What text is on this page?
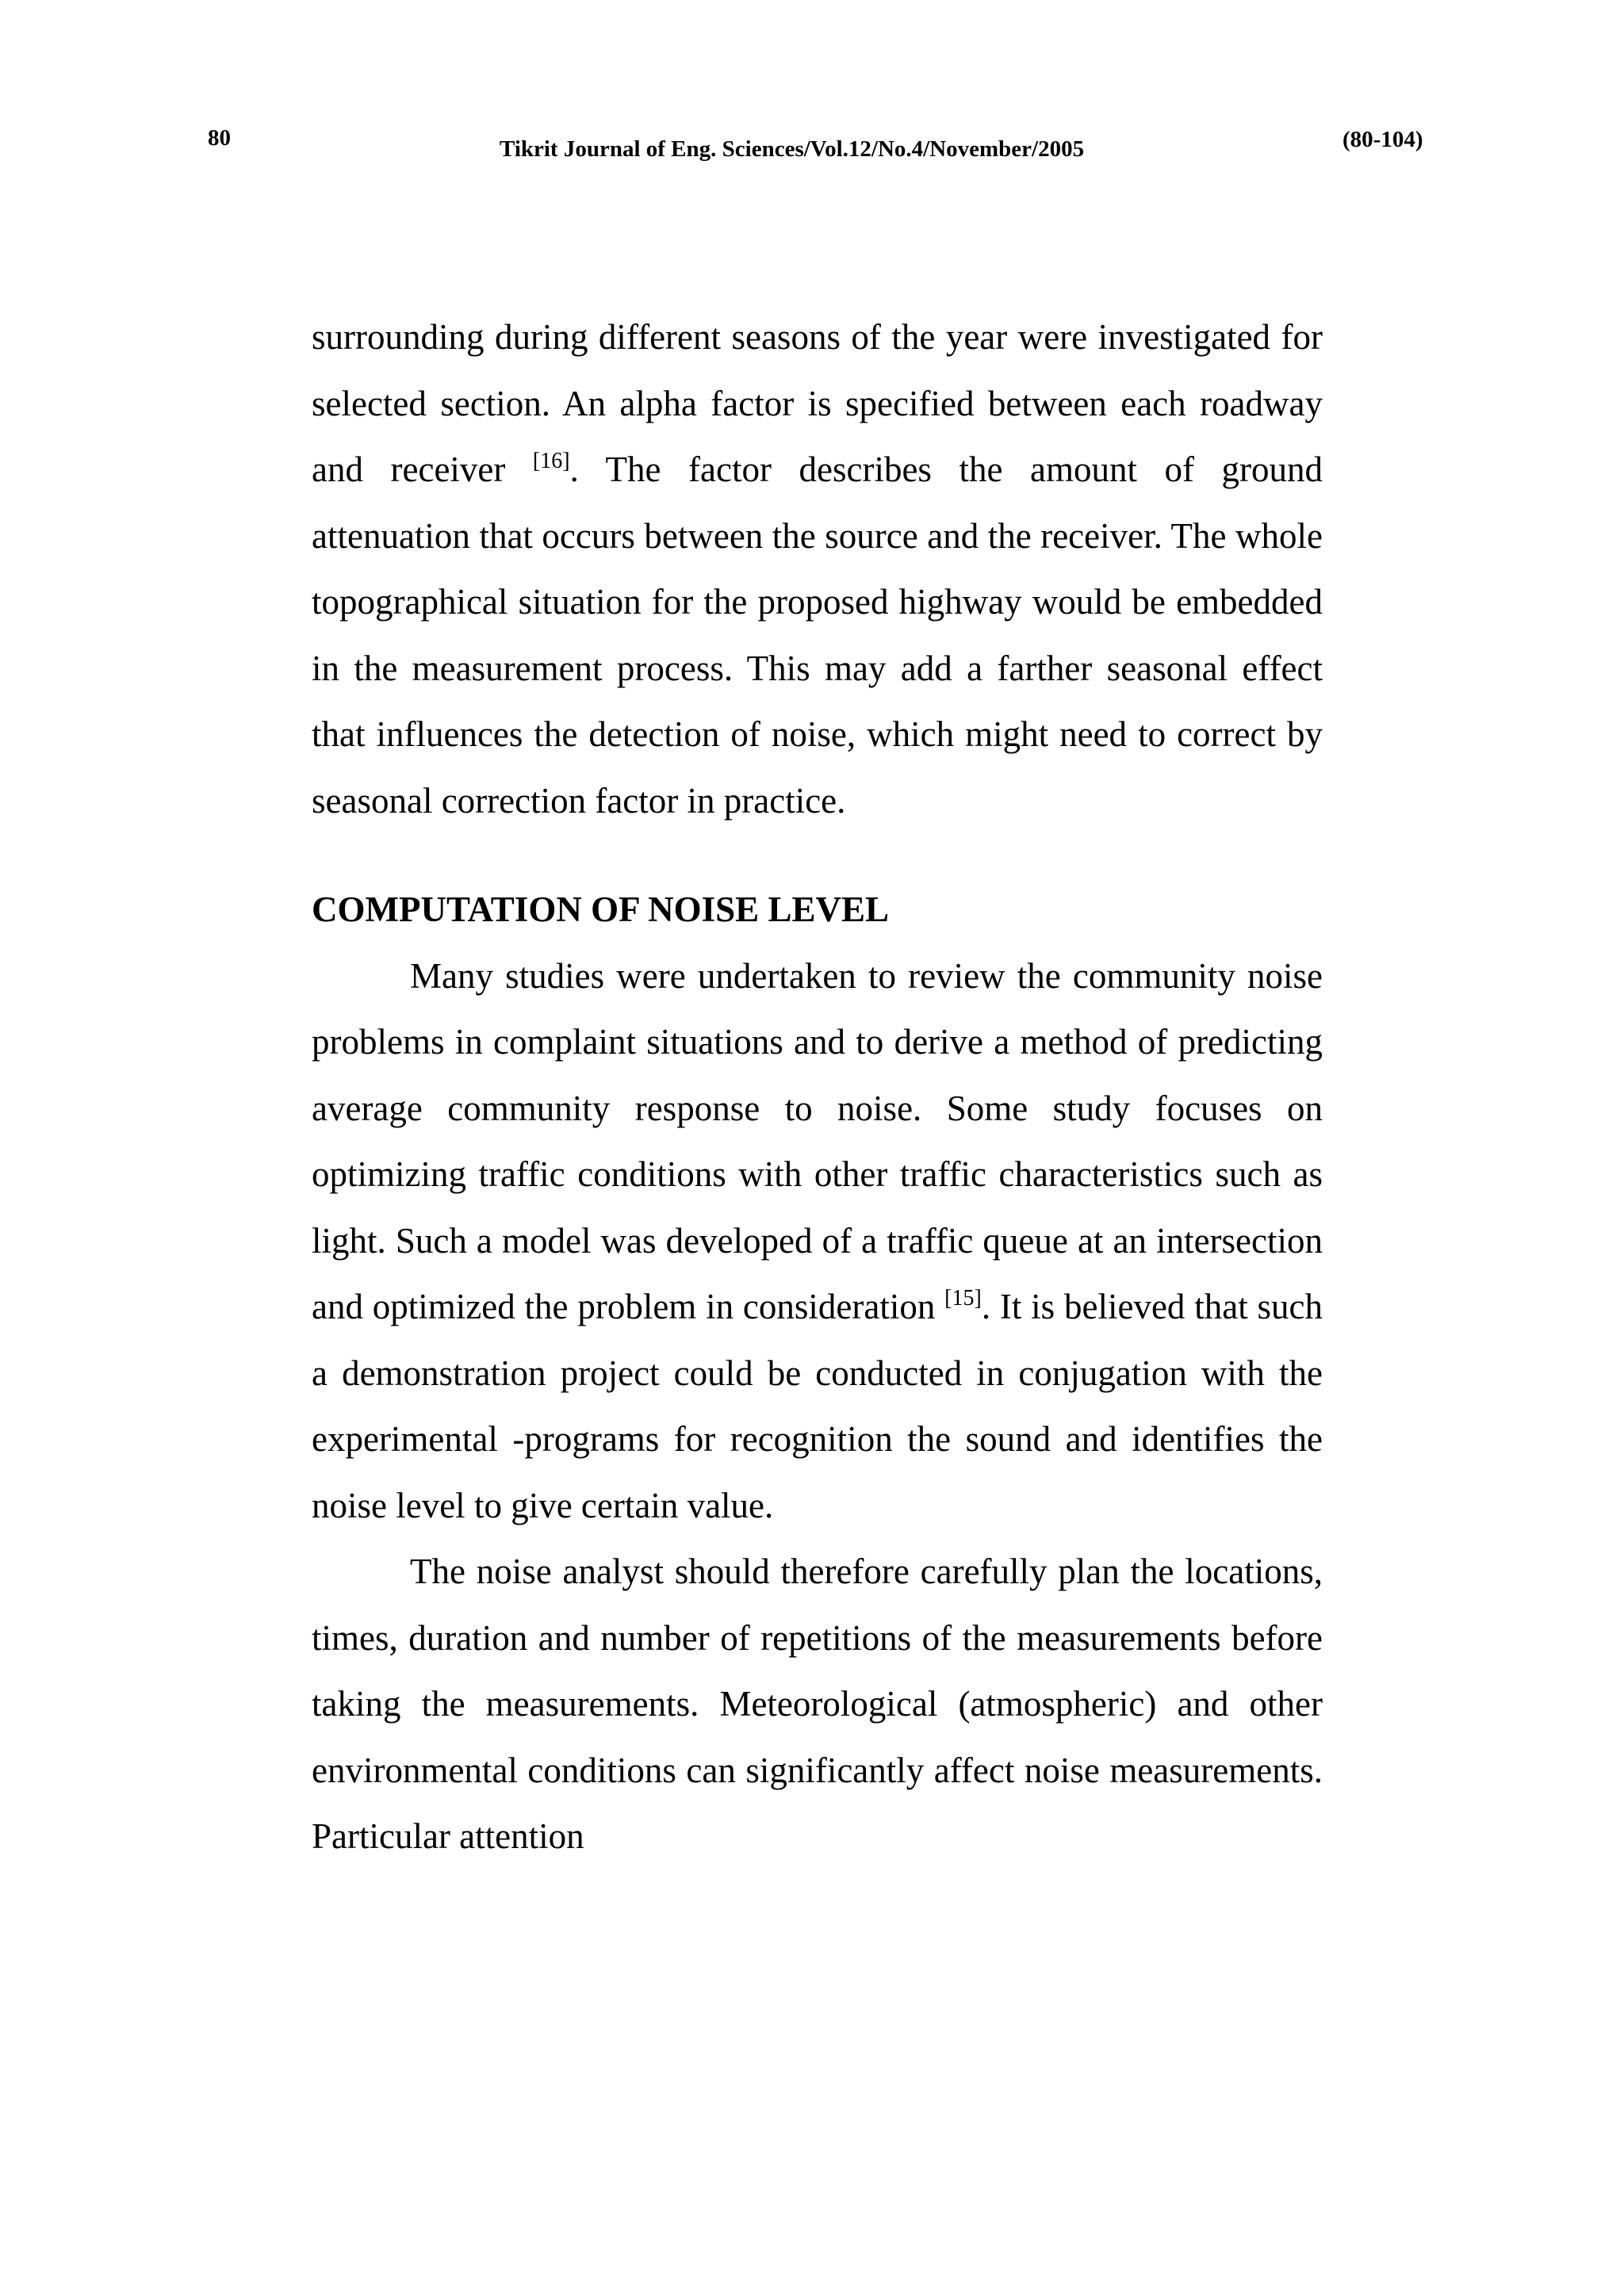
80	Tikrit Journal of Eng. Sciences/Vol.12/No.4/November/2005	(80-104)

surrounding during different seasons of the year were investigated for selected section. An alpha factor is specified between each roadway and receiver [16]. The factor describes the amount of ground attenuation that occurs between the source and the receiver. The whole topographical situation for the proposed highway would be embedded in the measurement process. This may add a farther seasonal effect that influences the detection of noise, which might need to correct by seasonal correction factor in practice.

COMPUTATION OF NOISE LEVEL

Many studies were undertaken to review the community noise problems in complaint situations and to derive a method of predicting average community response to noise. Some study focuses on optimizing traffic conditions with other traffic characteristics such as light. Such a model was developed of a traffic queue at an intersection and optimized the problem in consideration [15]. It is believed that such a demonstration project could be conducted in conjugation with the experimental -programs for recognition the sound and identifies the noise level to give certain value.

The noise analyst should therefore carefully plan the locations, times, duration and number of repetitions of the measurements before taking the measurements. Meteorological (atmospheric) and other environmental conditions can significantly affect noise measurements. Particular attention
